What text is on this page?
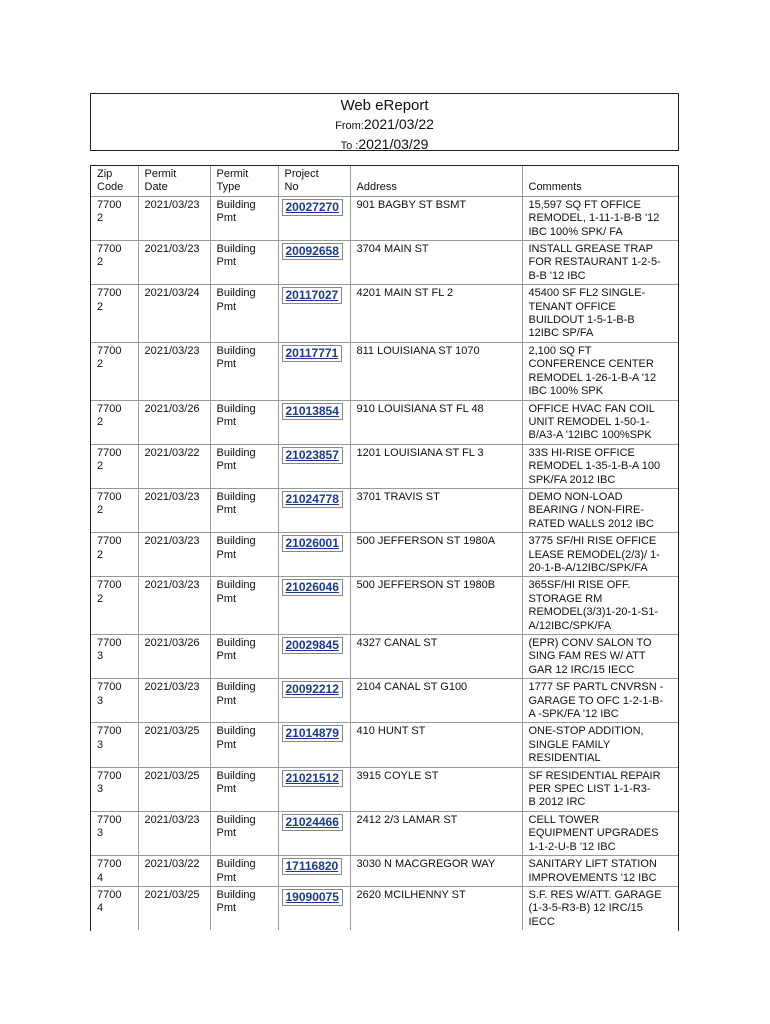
Web eReport
From:2021/03/22
To :2021/03/29
Zip
Code	Permit
Date	Permit
Type	Project
No	Address	Comments
7700
2	2021/03/23	Building
Pmt	20027270	901 BAGBY ST BSMT	15,597 SQ FT OFFICE
REMODEL, 1-11-1-B-B '12
IBC 100% SPK/ FA
7700
2	2021/03/23	Building
Pmt	20092658	3704 MAIN ST	INSTALL GREASE TRAP
FOR RESTAURANT 1-2-5-
B-B '12 IBC
7700
2	2021/03/24	Building
Pmt	20117027	4201 MAIN ST FL 2	45400 SF FL2 SINGLE-
TENANT OFFICE
BUILDOUT 1-5-1-B-B
12IBC SP/FA
7700
2	2021/03/23	Building
Pmt	20117771	811 LOUISIANA ST 1070	2,100 SQ FT
CONFERENCE CENTER
REMODEL 1-26-1-B-A '12
IBC 100% SPK
7700
2	2021/03/26	Building
Pmt	21013854	910 LOUISIANA ST FL 48	OFFICE HVAC FAN COIL
UNIT REMODEL 1-50-1-
B/A3-A '12IBC 100%SPK
7700
2	2021/03/22	Building
Pmt	21023857	1201 LOUISIANA ST FL 3	33S HI-RISE OFFICE
REMODEL 1-35-1-B-A 100
SPK/FA 2012 IBC
7700
2	2021/03/23	Building
Pmt	21024778	3701 TRAVIS ST	DEMO NON-LOAD
BEARING / NON-FIRE-
RATED WALLS 2012 IBC
7700
2	2021/03/23	Building
Pmt	21026001	500 JEFFERSON ST 1980A	3775 SF/HI RISE OFFICE
LEASE REMODEL(2/3)/ 1-
20-1-B-A/12IBC/SPK/FA
7700
2	2021/03/23	Building
Pmt	21026046	500 JEFFERSON ST 1980B	365SF/HI RISE OFF.
STORAGE RM
REMODEL(3/3)1-20-1-S1-
A/12IBC/SPK/FA
7700
3	2021/03/26	Building
Pmt	20029845	4327 CANAL ST	(EPR) CONV SALON TO
SING FAM RES W/ ATT
GAR 12 IRC/15 IECC
7700
3	2021/03/23	Building
Pmt	20092212	2104 CANAL ST G100	1777 SF PARTL CNVRSN -
GARAGE TO OFC 1-2-1-B-
A -SPK/FA '12 IBC
7700
3	2021/03/25	Building
Pmt	21014879	410 HUNT ST	ONE-STOP ADDITION,
SINGLE FAMILY
RESIDENTIAL
7700
3	2021/03/25	Building
Pmt	21021512	3915 COYLE ST	SF RESIDENTIAL REPAIR
PER SPEC LIST 1-1-R3-
B 2012 IRC
7700
3	2021/03/23	Building
Pmt	21024466	2412 2/3 LAMAR ST	CELL TOWER
EQUIPMENT UPGRADES
1-1-2-U-B '12 IBC
7700
4	2021/03/22	Building
Pmt	17116820	3030 N MACGREGOR WAY	SANITARY LIFT STATION
IMPROVEMENTS '12 IBC
7700
4	2021/03/25	Building
Pmt	19090075	2620 MCILHENNY ST	S.F. RES W/ATT. GARAGE
(1-3-5-R3-B) 12 IRC/15
IECC
